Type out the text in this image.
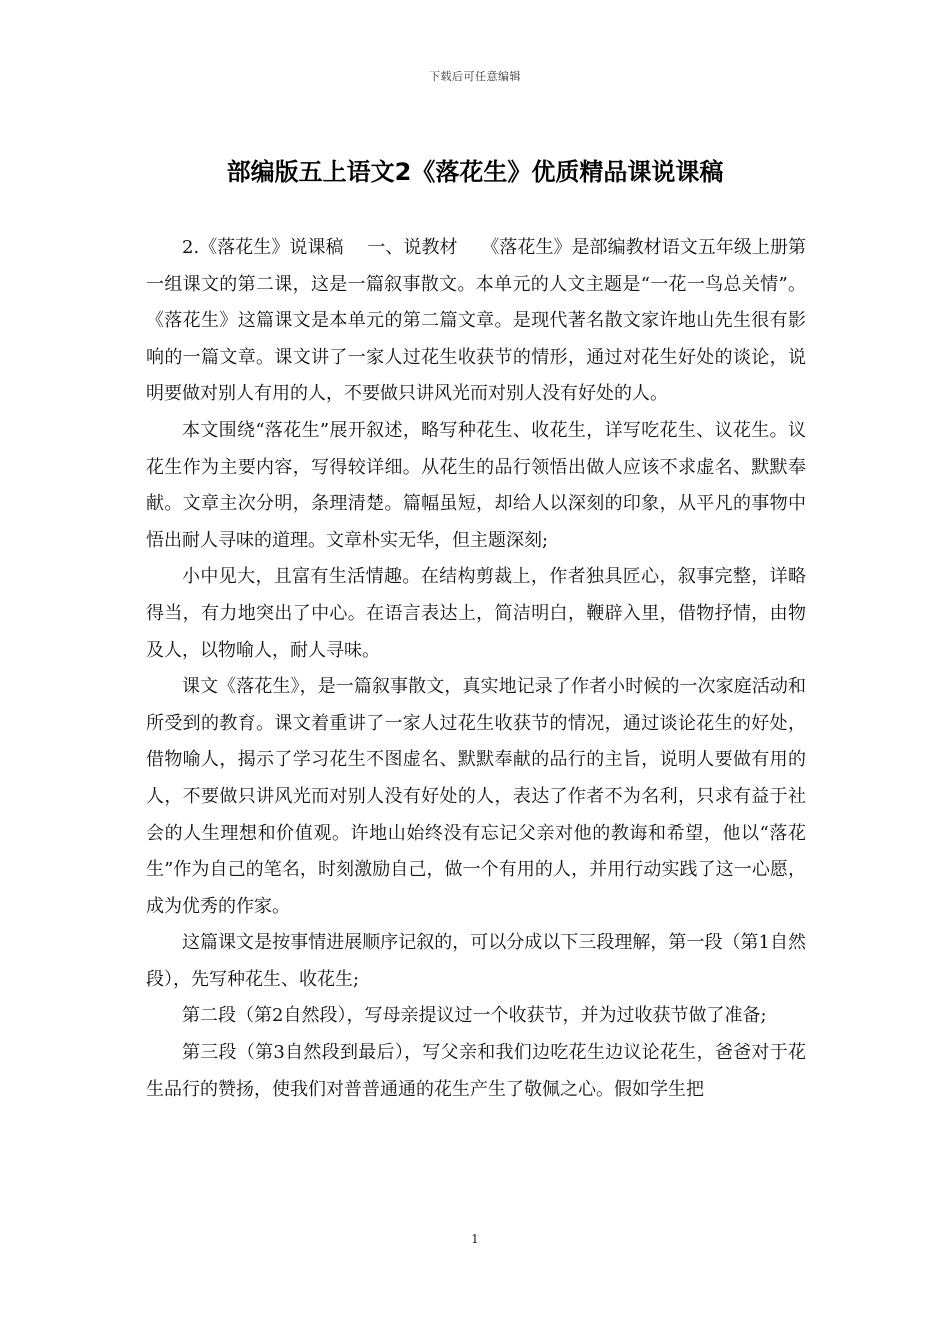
下载后可任意编辑
部编版五上语文2《落花生》优质精品课说课稿

2.《落花生》说课稿　 一、说教材　 《落花生》是部编教材语文五年级上册第一组课文的第二课，这是一篇叙事散文。本单元的人文主题是“一花一鸟总关情”。《落花生》这篇课文是本单元的第二篇文章。是现代著名散文家许地山先生很有影响的一篇文章。课文讲了一家人过花生收获节的情形，通过对花生好处的谈论，说明要做对别人有用的人，不要做只讲风光而对别人没有好处的人。

本文围绕“落花生”展开叙述，略写种花生、收花生，详写吃花生、议花生。议花生作为主要内容，写得较详细。从花生的品行领悟出做人应该不求虚名、默默奉献。文章主次分明，条理清楚。篇幅虽短，却给人以深刻的印象，从平凡的事物中悟出耐人寻味的道理。文章朴实无华，但主题深刻;

小中见大，且富有生活情趣。在结构剪裁上，作者独具匠心，叙事完整，详略得当，有力地突出了中心。在语言表达上，简洁明白，鞭辟入里，借物抒情，由物及人，以物喻人，耐人寻味。

课文《落花生》，是一篇叙事散文，真实地记录了作者小时候的一次家庭活动和所受到的教育。课文着重讲了一家人过花生收获节的情况，通过谈论花生的好处，借物喻人，揭示了学习花生不图虚名、默默奉献的品行的主旨，说明人要做有用的人，不要做只讲风光而对别人没有好处的人，表达了作者不为名利，只求有益于社会的人生理想和价值观。许地山始终没有忘记父亲对他的教诲和希望，他以“落花生”作为自己的笔名，时刻激励自己，做一个有用的人，并用行动实践了这一心愿，成为优秀的作家。

这篇课文是按事情进展顺序记叙的，可以分成以下三段理解，第一段（第1自然段），先写种花生、收花生;

第二段（第2自然段），写母亲提议过一个收获节，并为过收获节做了准备;

第三段（第3自然段到最后），写父亲和我们边吃花生边议论花生，爸爸对于花生品行的赞扬，使我们对普普通通的花生产生了敬佩之心。假如学生把

1
